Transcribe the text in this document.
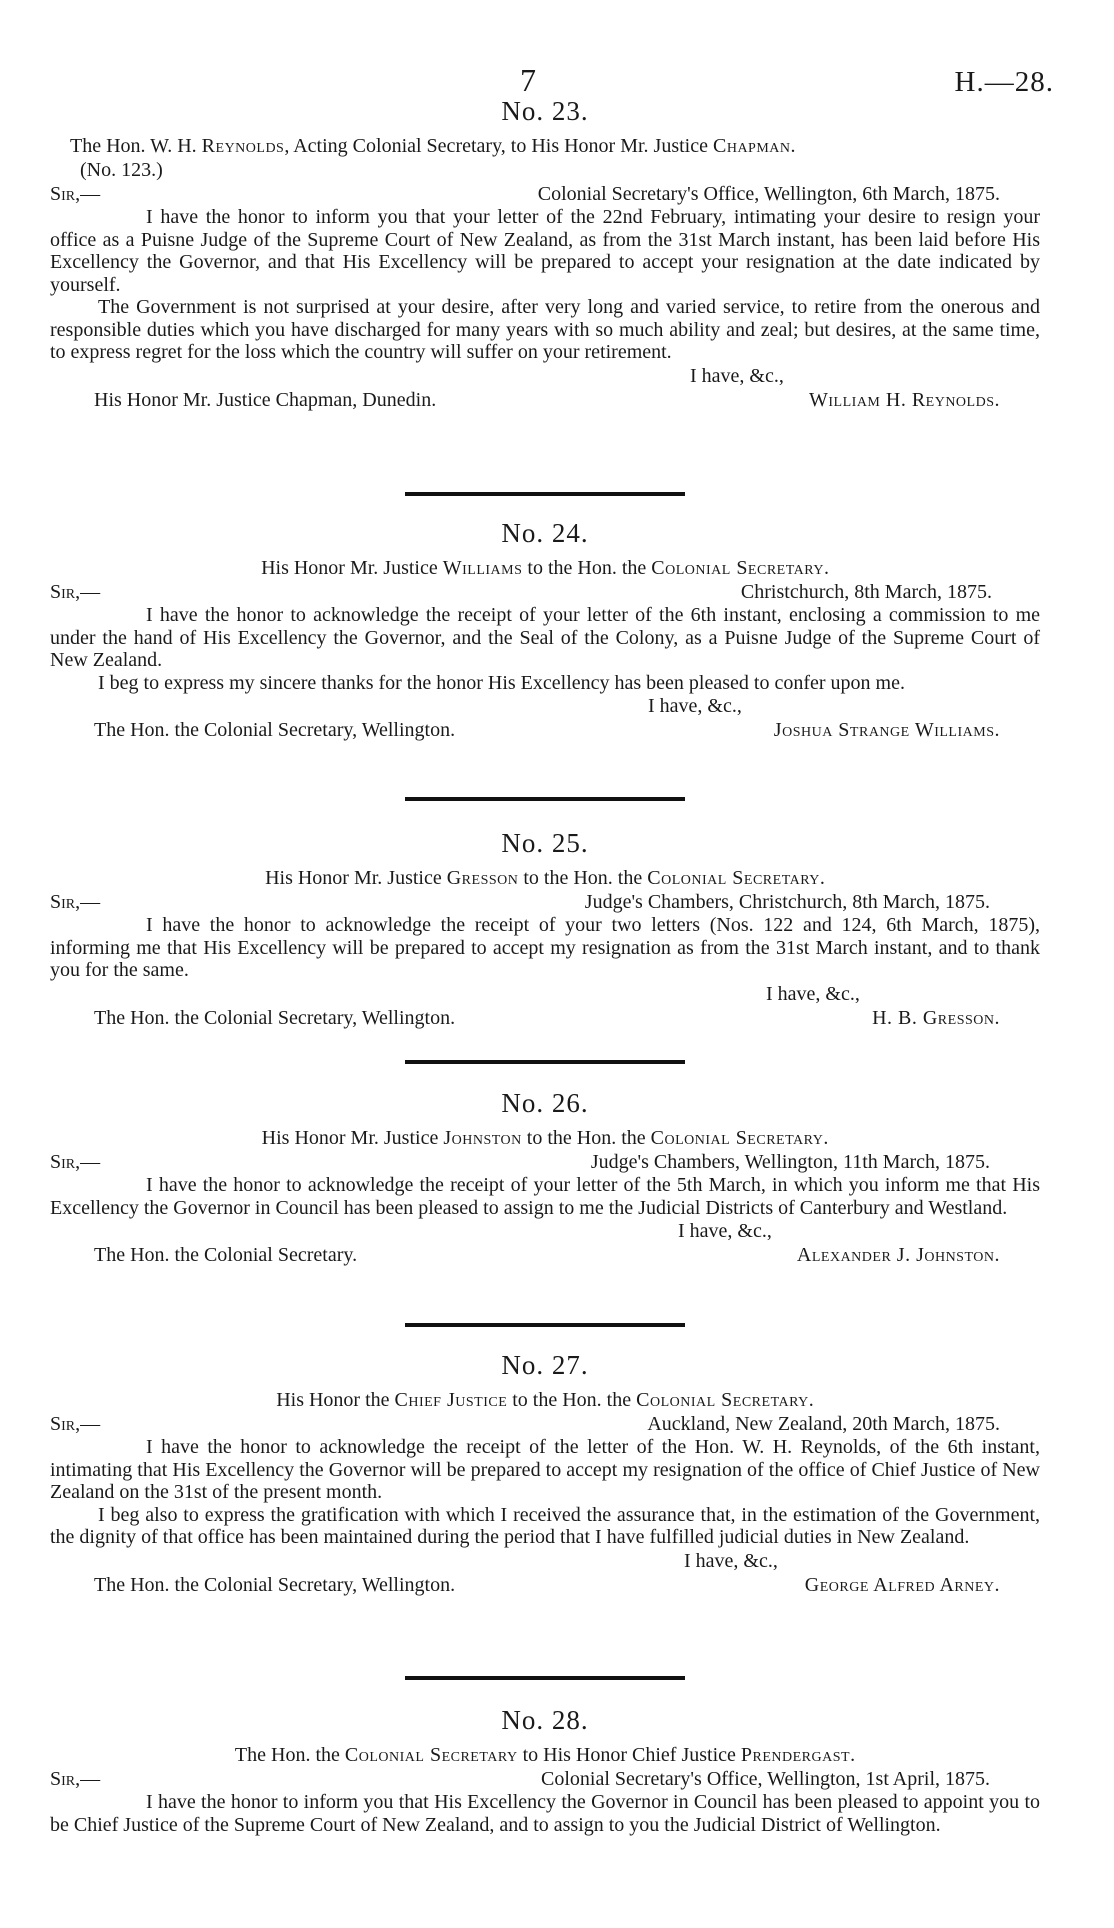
7	H.—28.
No. 23.
The Hon. W. H. Reynolds, Acting Colonial Secretary, to His Honor Mr. Justice Chapman.
(No. 123.)
Sir,—	Colonial Secretary's Office, Wellington, 6th March, 1875.

I have the honor to inform you that your letter of the 22nd February, intimating your desire to resign your office as a Puisne Judge of the Supreme Court of New Zealand, as from the 31st March instant, has been laid before His Excellency the Governor, and that His Excellency will be prepared to accept your resignation at the date indicated by yourself.

The Government is not surprised at your desire, after very long and varied service, to retire from the onerous and responsible duties which you have discharged for many years with so much ability and zeal; but desires, at the same time, to express regret for the loss which the country will suffer on your retirement.

I have, &c.,
His Honor Mr. Justice Chapman, Dunedin.	William H. Reynolds.
No. 24.
His Honor Mr. Justice Williams to the Hon. the Colonial Secretary.
Sir,—	Christchurch, 8th March, 1875.

I have the honor to acknowledge the receipt of your letter of the 6th instant, enclosing a commission to me under the hand of His Excellency the Governor, and the Seal of the Colony, as a Puisne Judge of the Supreme Court of New Zealand.

I beg to express my sincere thanks for the honor His Excellency has been pleased to confer upon me.

I have, &c.,
The Hon. the Colonial Secretary, Wellington.	Joshua Strange Williams.
No. 25.
His Honor Mr. Justice Gresson to the Hon. the Colonial Secretary.
Sir,—	Judge's Chambers, Christchurch, 8th March, 1875.

I have the honor to acknowledge the receipt of your two letters (Nos. 122 and 124, 6th March, 1875), informing me that His Excellency will be prepared to accept my resignation as from the 31st March instant, and to thank you for the same.

I have, &c.,
The Hon. the Colonial Secretary, Wellington.	H. B. Gresson.
No. 26.
His Honor Mr. Justice Johnston to the Hon. the Colonial Secretary.
Sir,—	Judge's Chambers, Wellington, 11th March, 1875.

I have the honor to acknowledge the receipt of your letter of the 5th March, in which you inform me that His Excellency the Governor in Council has been pleased to assign to me the Judicial Districts of Canterbury and Westland.

I have, &c.,
The Hon. the Colonial Secretary.	Alexander J. Johnston.
No. 27.
His Honor the Chief Justice to the Hon. the Colonial Secretary.
Sir,—	Auckland, New Zealand, 20th March, 1875.

I have the honor to acknowledge the receipt of the letter of the Hon. W. H. Reynolds, of the 6th instant, intimating that His Excellency the Governor will be prepared to accept my resignation of the office of Chief Justice of New Zealand on the 31st of the present month.

I beg also to express the gratification with which I received the assurance that, in the estimation of the Government, the dignity of that office has been maintained during the period that I have fulfilled judicial duties in New Zealand.

I have, &c.,
The Hon. the Colonial Secretary, Wellington.	George Alfred Arney.
No. 28.
The Hon. the Colonial Secretary to His Honor Chief Justice Prendergast.
Sir,—	Colonial Secretary's Office, Wellington, 1st April, 1875.

I have the honor to inform you that His Excellency the Governor in Council has been pleased to appoint you to be Chief Justice of the Supreme Court of New Zealand, and to assign to you the Judicial District of Wellington.
